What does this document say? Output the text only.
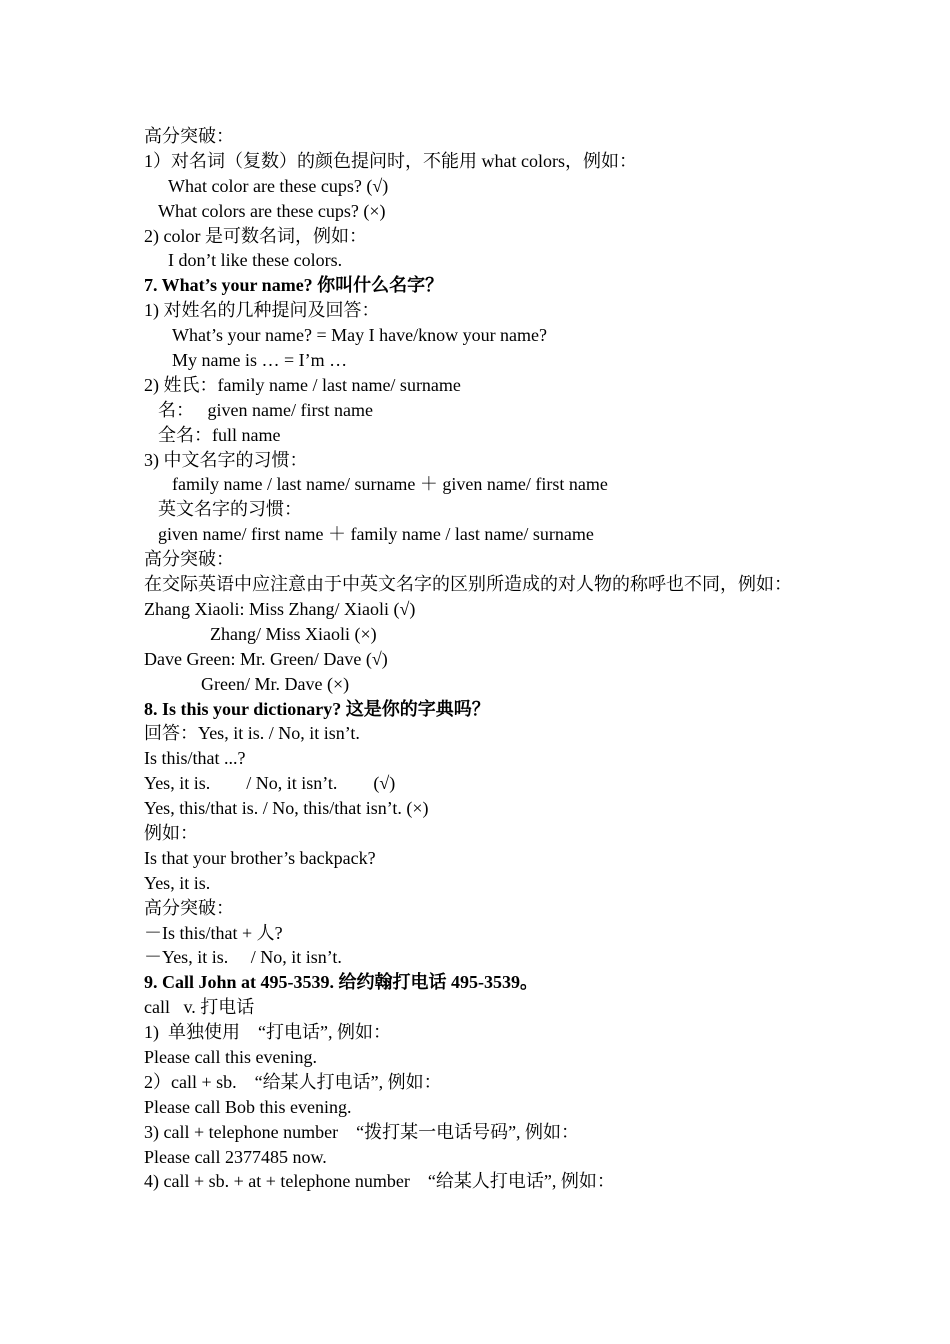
高分突破：
1）对名词（复数）的颜色提问时，不能用 what colors，例如：
What color are these cups? (√)
What colors are these cups? (×)
2) color 是可数名词，例如：
I don’t like these colors.
7. What’s your name? 你叫什么名字？
1) 对姓名的几种提问及回答：
What’s your name? = May I have/know your name?
My name is … = I’m …
2) 姓氏：family name / last name/ surname
名：   given name/ first name
全名：full name
3) 中文名字的习惯：
family name / last name/ surname ＋ given name/ first name
英文名字的习惯：
given name/ first name ＋ family name / last name/ surname
高分突破：
在交际英语中应注意由于中英文名字的区别所造成的对人物的称呼也不同，例如：
Zhang Xiaoli: Miss Zhang/ Xiaoli (√)
Zhang/ Miss Xiaoli (×)
Dave Green: Mr. Green/ Dave (√)
Green/ Mr. Dave (×)
8. Is this your dictionary? 这是你的字典吗？
回答：Yes, it is. / No, it isn’t.
Is this/that ...?
Yes, it is.        / No, it isn’t.        (√)
Yes, this/that is. / No, this/that isn’t. (×)
例如：
Is that your brother’s backpack?
Yes, it is.
高分突破：
－Is this/that + 人?
－Yes, it is.     / No, it isn’t.
9. Call John at 495-3539. 给约翰打电话 495-3539。
call   v. 打电话
1)  单独使用    “打电话”, 例如：
Please call this evening.
2）call + sb.    “给某人打电话”, 例如：
Please call Bob this evening.
3) call + telephone number    “拨打某一电话号码”, 例如：
Please call 2377485 now.
4) call + sb. + at + telephone number    “给某人打电话”, 例如：
